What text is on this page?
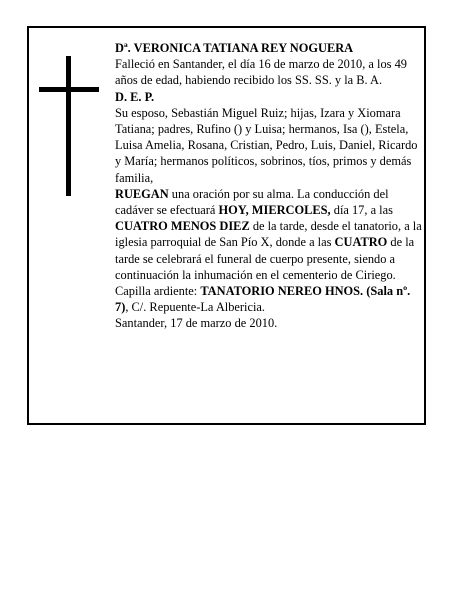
Dª. VERONICA TATIANA REY NOGUERA

Falleció en Santander, el día 16 de marzo de 2010, a los 49 años de edad, habiendo recibido los SS. SS. y la B. A.

D. E. P.

Su esposo, Sebastián Miguel Ruiz; hijas, Izara y Xiomara Tatiana; padres, Rufino () y Luisa; hermanos, Isa (), Estela, Luisa Amelia, Rosana, Cristian, Pedro, Luis, Daniel, Ricardo y María; hermanos políticos, sobrinos, tíos, primos y demás familia,

RUEGAN una oración por su alma. La conducción del cadáver se efectuará HOY, MIERCOLES, día 17, a las CUATRO MENOS DIEZ de la tarde, desde el tanatorio, a la iglesia parroquial de San Pío X, donde a las CUATRO de la tarde se celebrará el funeral de cuerpo presente, siendo a continuación la inhumación en el cementerio de Ciriego. Capilla ardiente: TANATORIO NEREO HNOS. (Sala nº. 7), C/. Repuente-La Albericia.

Santander, 17 de marzo de 2010.
